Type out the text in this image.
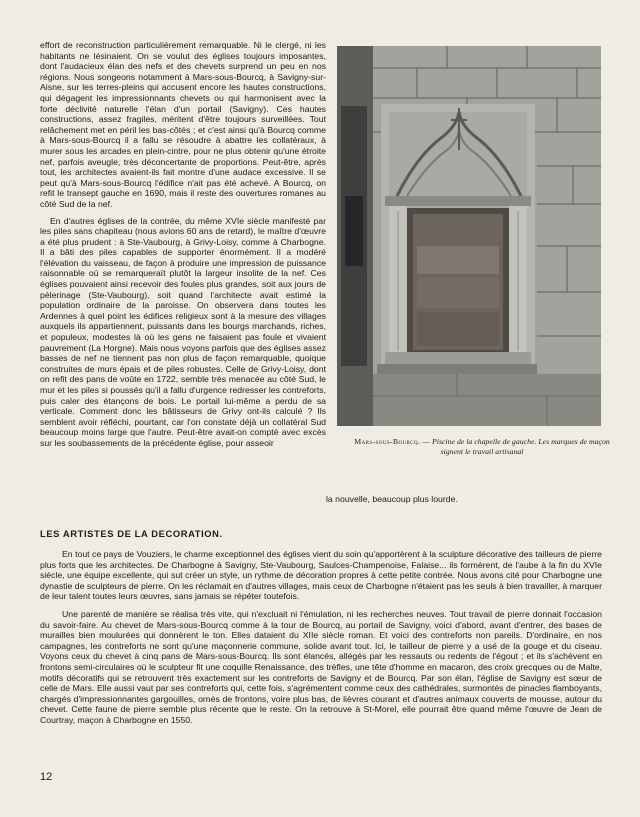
effort de reconstruction particulièrement remarquable. Ni le clergé, ni les habitants ne lésinaient. On se voulut des églises toujours imposantes, dont l'audacieux élan des nefs et des chevets surprend un peu en nos régions. Nous songeons notamment à Mars-sous-Bourcq, à Savigny-sur-Aisne, sur les terres-pleins qui accusent encore les hautes constructions, qui dégagent les impressionnants chevets ou qui harmonisent avec la forte déclivité naturelle l'élan d'un portail (Savigny). Ces hautes constructions, assez fragiles, méritent d'être toujours surveillées. Tout relâchement met en péril les bas-côtés ; et c'est ainsi qu'à Bourcq comme à Mars-sous-Bourcq il a fallu se résoudre à abattre les collatéraux, à murer sous les arcades en plein-cintre, pour ne plus obtenir qu'une étroite nef, parfois aveugle, très déconcertante de proportions. Peut-être, après tout, les architectes avaient-ils fait montre d'une audace excessive. Il se peut qu'à Mars-sous-Bourcq l'édifice n'ait pas été achevé. A Bourcq, on refit le transept gauche en 1690, mais il reste des ouvertures romanes au côté Sud de la nef.

En d'autres églises de la contrée, du même XVIe siècle manifesté par les piles sans chapiteau (nous avions 60 ans de retard), le maître d'œuvre a été plus prudent : à Ste-Vaubourg, à Grivy-Loisy, comme à Charbogne. Il a bâti des piles capables de supporter énormément. Il a modéré l'élévation du vaisseau, de façon à produire une impression de puissance raisonnable où se remarqueraït plutôt la largeur insolite de la nef. Ces églises pouvaient ainsi recevoir des foules plus grandes, soit aux jours de pèlerinage (Ste-Vaubourg), soit quand l'architecte avait estimé la population ordinaire de la paroisse. On observera dans toutes les Ardennes à quel point les édifices religieux sont à la mesure des villages auxquels ils appartiennent, puissants dans les bourgs marchands, riches, et populeux, modestes là où les gens ne faisaient pas foule et vivaient pauvrement (La Horgne). Mais nous voyons parfois que des églises assez basses de nef ne tiennent pas non plus de façon remarquable, quoique construites de murs épais et de piles robustes. Celle de Grivy-Loisy, dont on refit des pans de voûte en 1722, semble très menacée au côté Sud, le mur et les piles si poussés qu'il a fallu d'urgence redresser les contreforts, puis caler des étançons de bois. Le portail lui-même a perdu de sa verticale. Comment donc les bâtisseurs de Grivy ont-ils calculé ? Ils semblent avoir réfléchi, pourtant, car l'on constate déjà un collatéral Sud beaucoup moins large que l'autre. Peut-être avait-on compté avec excès sur les soubassements de la précédente église, pour asseoir	Mars-sous-Bourcq. — Piscine de la chapelle de gauche. Les marques de maçon signent le travail artisanal
la nouvelle, beaucoup plus lourde.
LES ARTISTES DE LA DECORATION.

En tout ce pays de Vouziers, le charme exceptionnel des églises vient du soin qu'apportèrent à la sculpture décorative des tailleurs de pierre plus forts que les architectes. De Charbogne à Savigny, Ste-Vaubourg, Saulces-Champenoise, Falaise... ils formèrent, de l'aube à la fin du XVIe siècle, une équipe excellente, qui sut créer un style, un rythme de décoration propres à cette petite contrée. Nous avons cité pour Charbogne une dynastie de sculpteurs de pierre. On les réclamait en d'autres villages, mais ceux de Charbogne n'étaient pas les seuls à bien travailler, à marquer de leur talent toutes leurs œuvres, sans jamais se répéter toutefois.

Une parenté de manière se réalisa très vite, qui n'excluait ni l'émulation, ni les recherches neuves. Tout travail de pierre donnait l'occasion du savoir-faire. Au chevet de Mars-sous-Bourcq comme à la tour de Bourcq, au portail de Savigny, voici d'abord, avant d'entrer, des bases de murailles bien moulurées qui donnèrent le ton. Elles dataient du XIIe siècle roman. Et voici des contreforts non pareils. D'ordinaire, en nos campagnes, les contreforts ne sont qu'une maçonnerie commune, solide avant tout. Ici, le tailleur de pierre y a usé de la gouge et du ciseau. Voyons ceux du chevet à cinq pans de Mars-sous-Bourcq. Ils sont élancés, allégés par les ressauts ou redents de l'égout ; et ils s'achèvent en frontons semi-circulaires où le sculpteur fit une coquille Renaissance, des trèfles, une tête d'homme en macaron, des croix grecques ou de Malte, motifs décoratifs qui se retrouvent très exactement sur les contreforts de Savigny et de Bourcq. Par son élan, l'église de Savigny est sœur de celle de Mars. Elle aussi vaut par ses contreforts qui, cette fois, s'agrémentent comme ceux des cathédrales, surmontés de pinacles flamboyants, chargés d'impressionnantes gargouilles, ornés de frontons, voire plus bas, de lièvres courant et d'autres animaux couverts de mousse, autour du chevet. Cette faune de pierre semble plus récente que le reste. On la retrouve à St-Morel, elle pourrait être quand même l'œuvre de Jean de Courtray, maçon à Charbogne en 1550.

12
